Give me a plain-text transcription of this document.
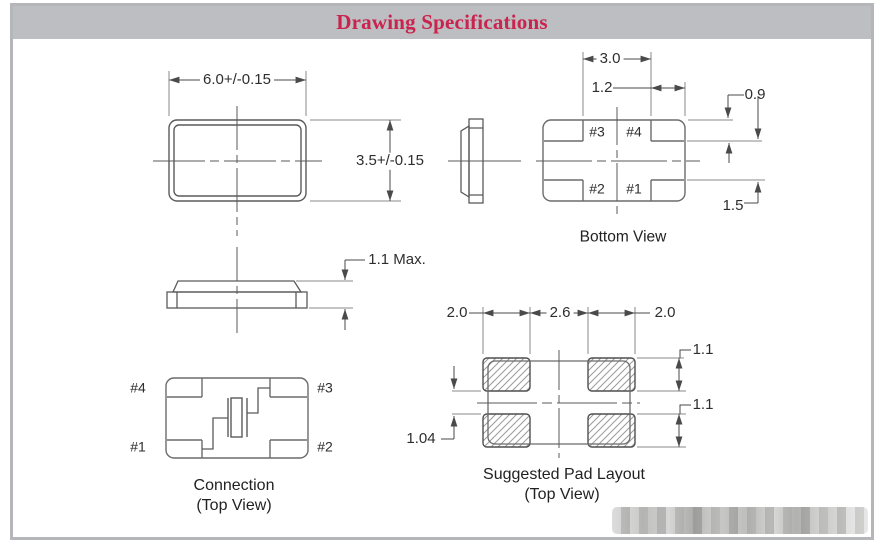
Drawing Specifications
6.0+/-0.15
3.5+/-0.15
1.1 Max.
3.0
1.2	0.9
1.5
#3 #4
#2 #1
Bottom View
#4	#3
#1	#2
Connection
(Top View)
2.0	2.6	2.0
1.1
1.1
1.04
Suggested Pad Layout
(Top View)
